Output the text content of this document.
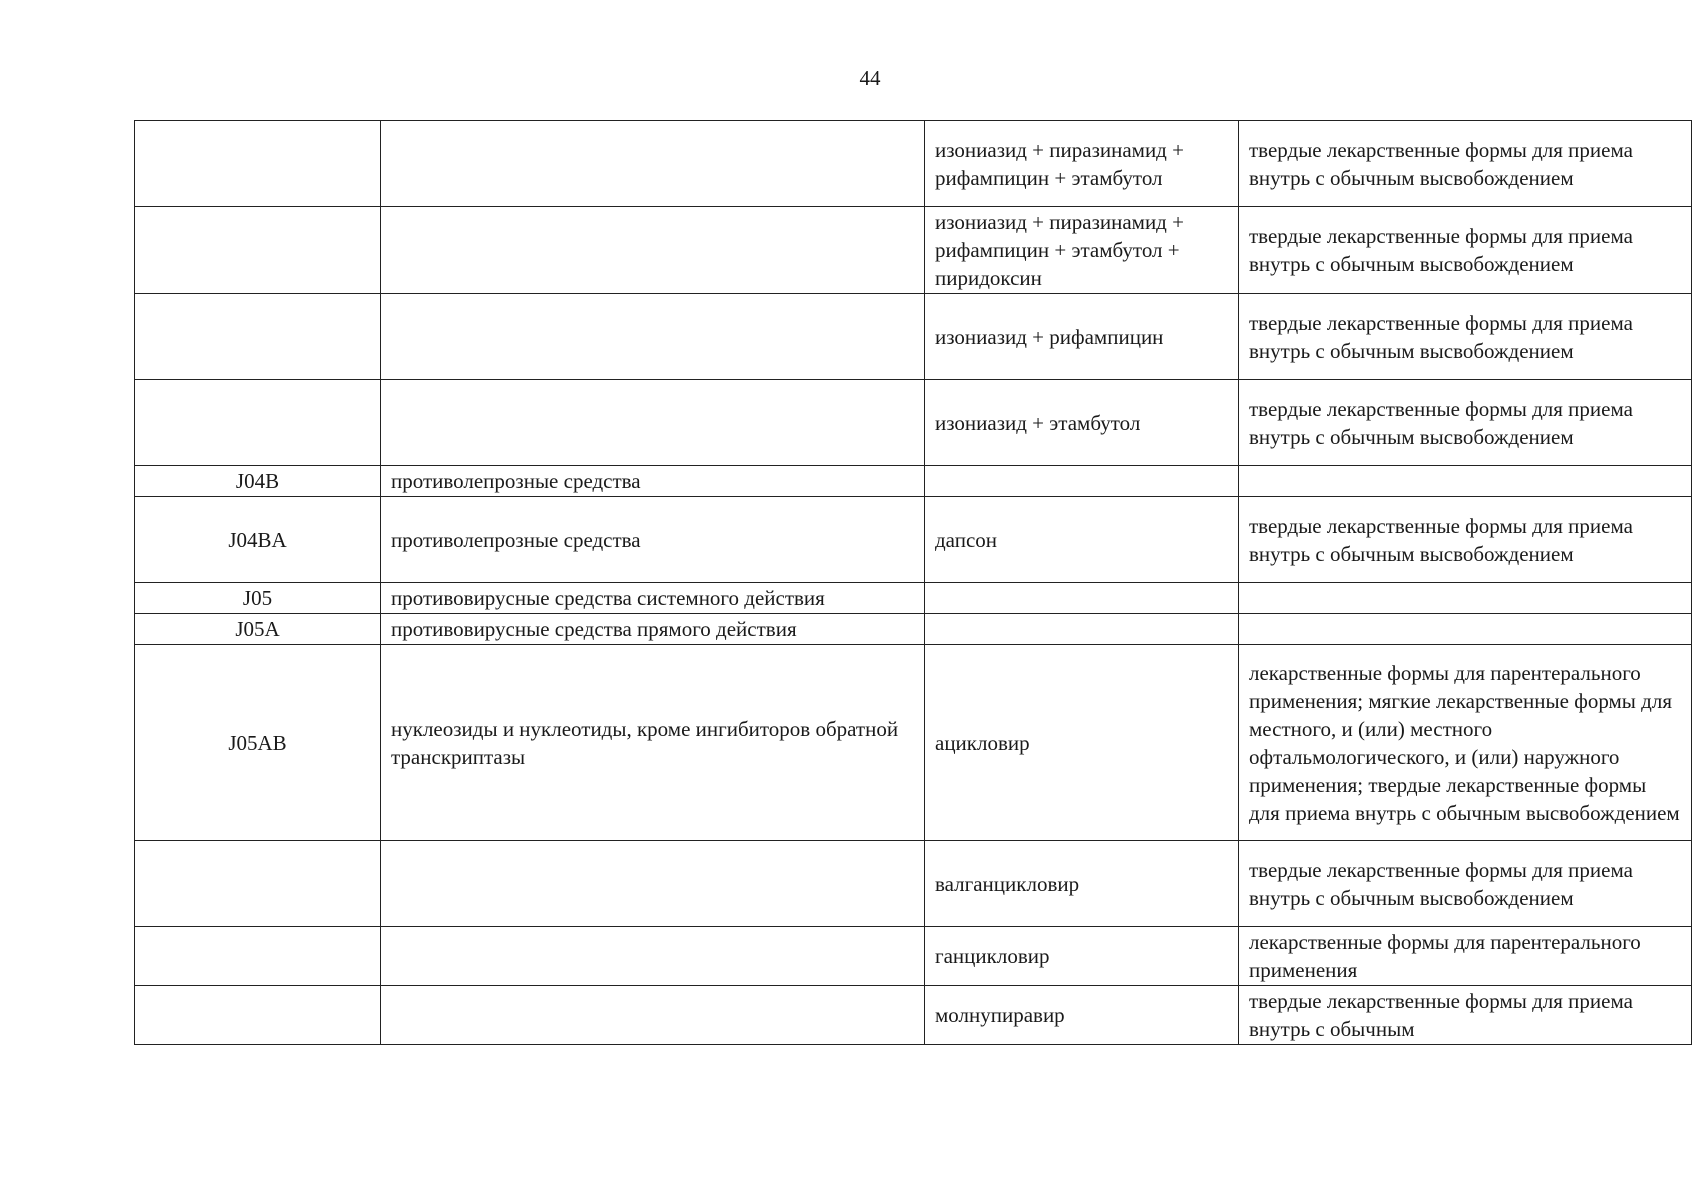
44
		изониазид + пиразинамид + рифампицин + этамбутол	твердые лекарственные формы для приема внутрь с обычным высвобождением
		изониазид + пиразинамид + рифампицин + этамбутол + пиридоксин	твердые лекарственные формы для приема внутрь с обычным высвобождением
		изониазид + рифампицин	твердые лекарственные формы для приема внутрь с обычным высвобождением
		изониазид + этамбутол	твердые лекарственные формы для приема внутрь с обычным высвобождением
J04B	противолепрозные средства		
J04BA	противолепрозные средства	дапсон	твердые лекарственные формы для приема внутрь с обычным высвобождением
J05	противовирусные средства системного действия		
J05A	противовирусные средства прямого действия		
J05AB	нуклеозиды и нуклеотиды, кроме ингибиторов обратной транскриптазы	ацикловир	лекарственные формы для парентерального применения; мягкие лекарственные формы для местного, и (или) местного офтальмологического, и (или) наружного применения; твердые лекарственные формы для приема внутрь с обычным высвобождением
		валганцикловир	твердые лекарственные формы для приема внутрь с обычным высвобождением
		ганцикловир	лекарственные формы для парентерального применения
		молнупиравир	твердые лекарственные формы для приема внутрь с обычным
